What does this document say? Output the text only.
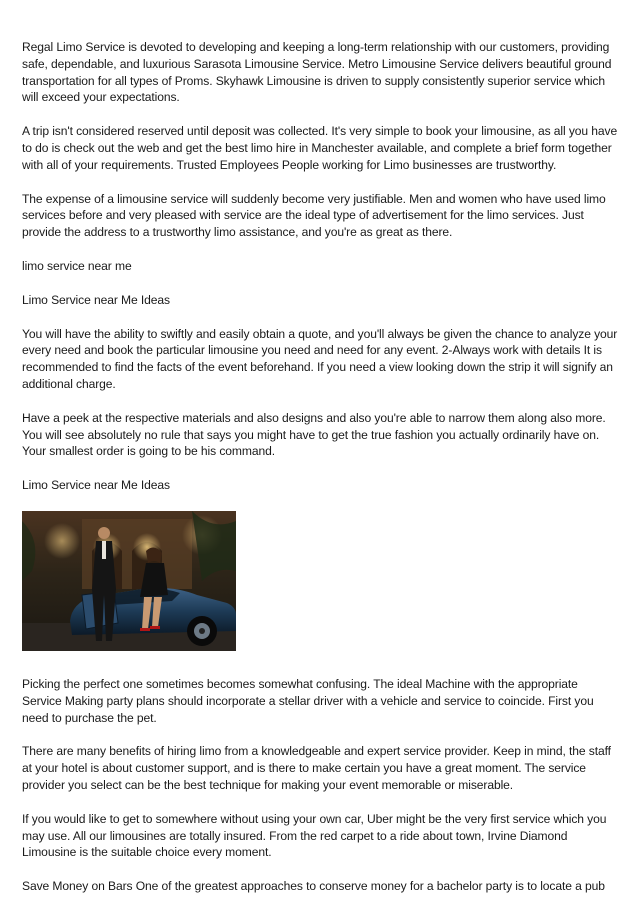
Regal Limo Service is devoted to developing and keeping a long-term relationship with our customers, providing safe, dependable, and luxurious Sarasota Limousine Service. Metro Limousine Service delivers beautiful ground transportation for all types of Proms. Skyhawk Limousine is driven to supply consistently superior service which will exceed your expectations.

A trip isn't considered reserved until deposit was collected. It's very simple to book your limousine, as all you have to do is check out the web and get the best limo hire in Manchester available, and complete a brief form together with all of your requirements. Trusted Employees People working for Limo businesses are trustworthy.

The expense of a limousine service will suddenly become very justifiable. Men and women who have used limo services before and very pleased with service are the ideal type of advertisement for the limo services. Just provide the address to a trustworthy limo assistance, and you're as great as there.

limo service near me

Limo Service near Me Ideas

You will have the ability to swiftly and easily obtain a quote, and you'll always be given the chance to analyze your every need and book the particular limousine you need and need for any event. 2-Always work with details It is recommended to find the facts of the event beforehand. If you need a view looking down the strip it will signify an additional charge.

Have a peek at the respective materials and also designs and also you're able to narrow them along also more. You will see absolutely no rule that says you might have to get the true fashion you actually ordinarily have on. Your smallest order is going to be his command.

Limo Service near Me Ideas

Picking the perfect one sometimes becomes somewhat confusing. The ideal Machine with the appropriate Service Making party plans should incorporate a stellar driver with a vehicle and service to coincide. First you need to purchase the pet.

There are many benefits of hiring limo from a knowledgeable and expert service provider. Keep in mind, the staff at your hotel is about customer support, and is there to make certain you have a great moment. The service provider you select can be the best technique for making your event memorable or miserable.

If you would like to get to somewhere without using your own car, Uber might be the very first service which you may use. All our limousines are totally insured. From the red carpet to a ride about town, Irvine Diamond Limousine is the suitable choice every moment.

Save Money on Bars One of the greatest approaches to conserve money for a bachelor party is to locate a pub
